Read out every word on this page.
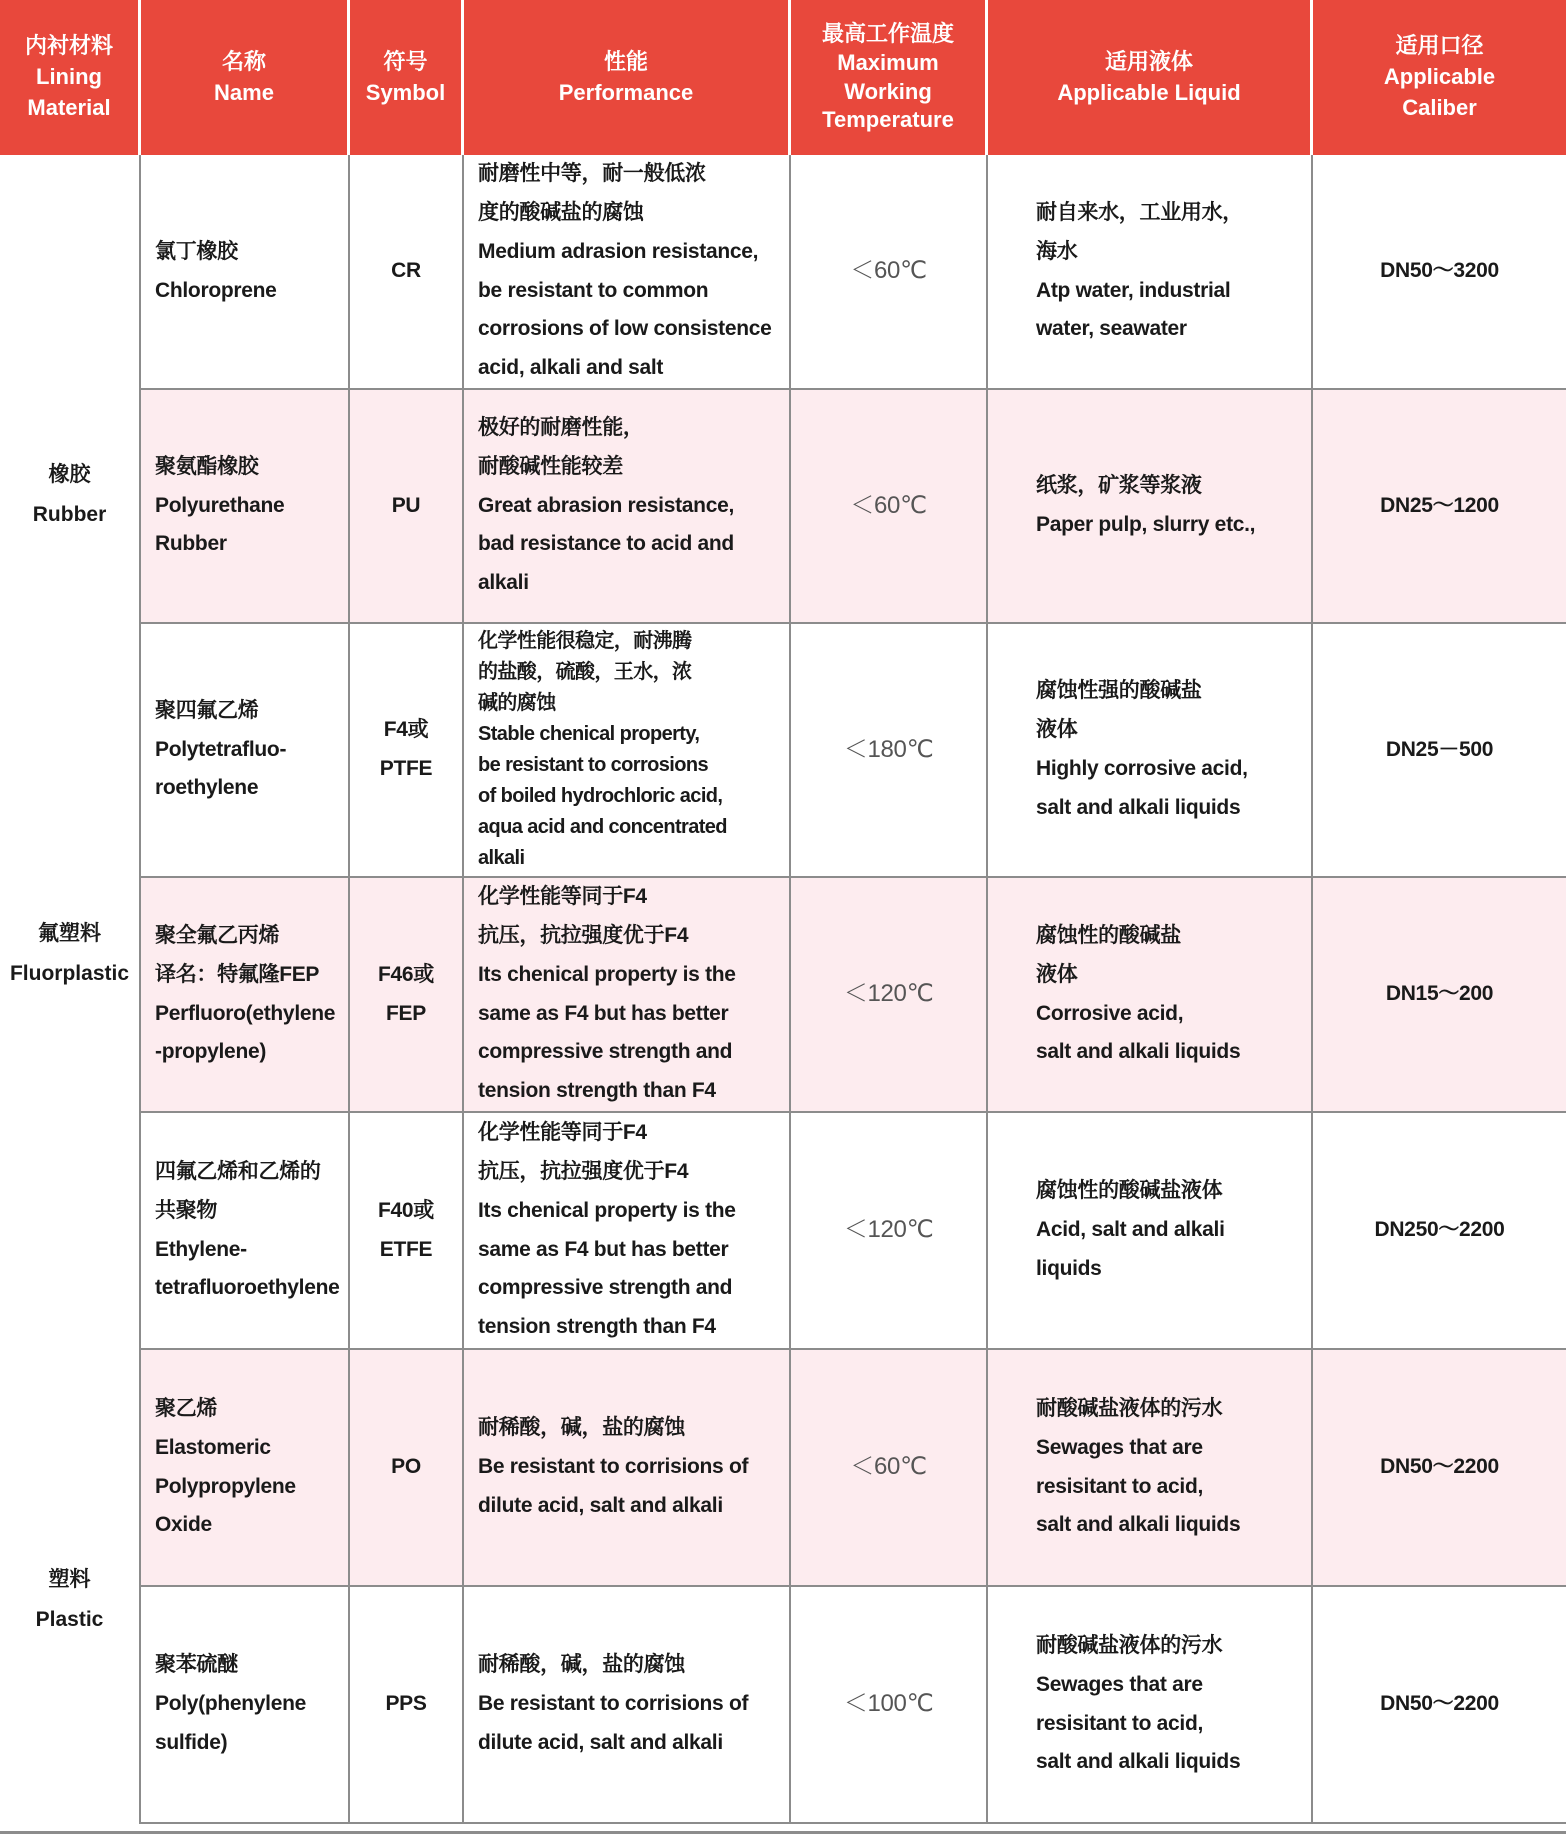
内衬材料
Lining
Material
名称
Name
符号
Symbol
性能
Performance
最高工作温度
Maximum
Working
Temperature
适用液体
Applicable Liquid
适用口径
Applicable
Caliber
橡胶
Rubber
氟塑料
Fluorplastic
塑料
Plastic
氯丁橡胶
Chloroprene
CR
耐磨性中等，耐一般低浓
度的酸碱盐的腐蚀
Medium adrasion resistance,
be resistant to common
corrosions of low consistence
acid, alkali and salt
＜60℃
耐自来水，工业用水，
海水
Atp water, industrial
water, seawater
DN50～3200
聚氨酯橡胶
Polyurethane
Rubber
PU
极好的耐磨性能，
耐酸碱性能较差
Great abrasion resistance,
bad resistance to acid and
alkali
＜60℃
纸浆，矿浆等浆液
Paper pulp, slurry etc.,
DN25～1200
聚四氟乙烯
Polytetrafluo-
roethylene
F4或
PTFE
化学性能很稳定，耐沸腾
的盐酸，硫酸，王水，浓
碱的腐蚀
Stable chenical property,
be resistant to corrosions
of boiled hydrochloric acid,
aqua acid and concentrated alkali
＜180℃
腐蚀性强的酸碱盐
液体
Highly corrosive acid,
salt and alkali liquids
DN25－500
聚全氟乙丙烯
译名：特氟隆FEP
Perfluoro(ethylene
-propylene)
F46或
FEP
化学性能等同于F4
抗压，抗拉强度优于F4
Its chenical property is the
same as F4 but has better
compressive strength and
tension strength than F4
＜120℃
腐蚀性的酸碱盐
液体
Corrosive acid,
salt and alkali liquids
DN15～200
四氟乙烯和乙烯的
共聚物
Ethylene-
tetrafluoroethylene
F40或
ETFE
化学性能等同于F4
抗压，抗拉强度优于F4
Its chenical property is the
same as F4 but has better
compressive strength and
tension strength than F4
＜120℃
腐蚀性的酸碱盐液体
Acid, salt and alkali
liquids
DN250～2200
聚乙烯
Elastomeric
Polypropylene
Oxide
PO
耐稀酸，碱，盐的腐蚀
Be resistant to corrisions of
dilute acid, salt and alkali
＜60℃
耐酸碱盐液体的污水
Sewages that are
resisitant to acid,
salt and alkali liquids
DN50～2200
聚苯硫醚
Poly(phenylene
sulfide)
PPS
耐稀酸，碱，盐的腐蚀
Be resistant to corrisions of
dilute acid, salt and alkali
＜100℃
耐酸碱盐液体的污水
Sewages that are
resisitant to acid,
salt and alkali liquids
DN50～2200
